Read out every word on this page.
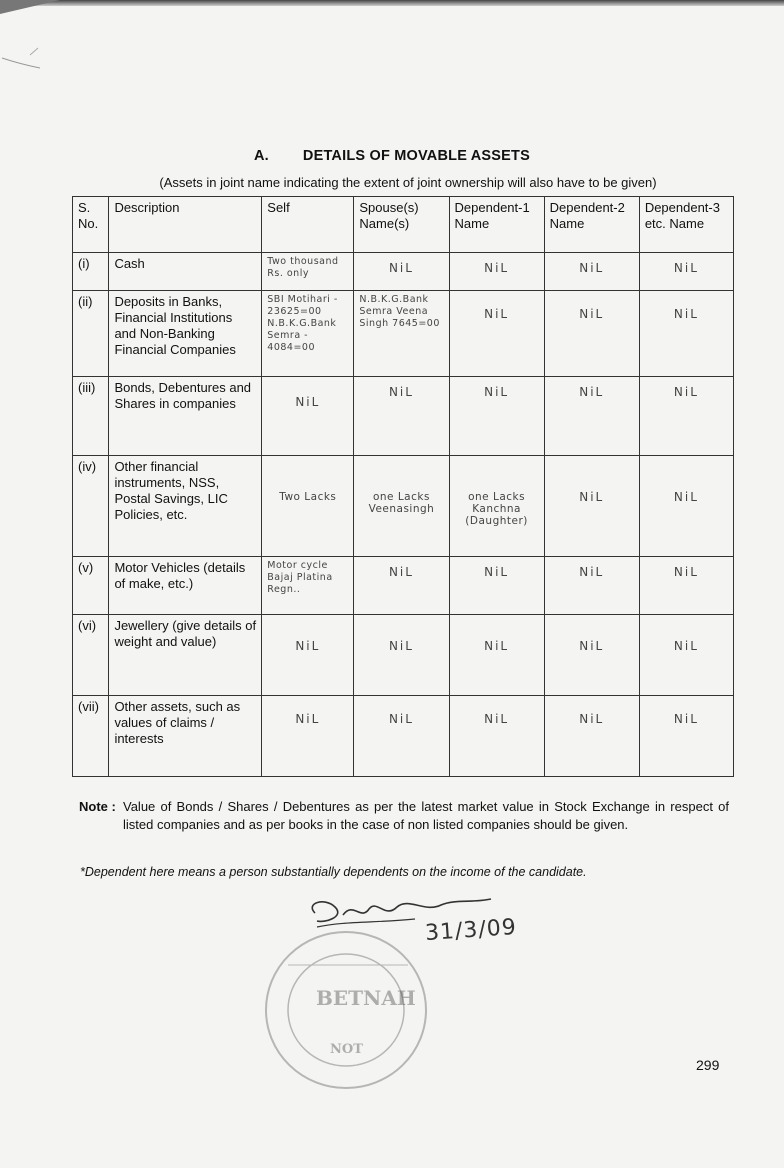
A. DETAILS OF MOVABLE ASSETS
(Assets in joint name indicating the extent of joint ownership will also have to be given)
S. No.	Description	Self	Spouse(s) Name(s)	Dependent-1 Name	Dependent-2 Name	Dependent-3 etc. Name
(i)	Cash	Two thousand Rs. only	NiL	NiL	NiL	NiL

(ii)	Deposits in Banks, Financial Institutions and Non-Banking Financial Companies	SBI Motihari - 23625=00 N.B.K.G.Bank Semra - 4084=00	N.B.K.G.Bank Semra Veena Singh 7645=00	NiL	NiL	NiL

(iii)	Bonds, Debentures and Shares in companies	NiL	NiL	NiL	NiL	NiL

(iv)	Other financial instruments, NSS, Postal Savings, LIC Policies, etc.	Two Lacks	one Lacks Veenasingh	one Lacks Kanchna (Daughter)	NiL	NiL

(v)	Motor Vehicles (details of make, etc.)	Motor cycle Bajaj Platina Regn..	NiL	NiL	NiL	NiL

(vi)	Jewellery (give details of weight and value)	NiL	NiL	NiL	NiL	NiL

(vii)	Other assets, such as values of claims / interests	NiL	NiL	NiL	NiL	NiL
Note : Value of Bonds / Shares / Debentures as per the latest market value in Stock Exchange in respect of listed companies and as per books in the case of non listed companies should be given.
*Dependent here means a person substantially dependents on the income of the candidate.
31/3/09
BETNAH
NOT
299
